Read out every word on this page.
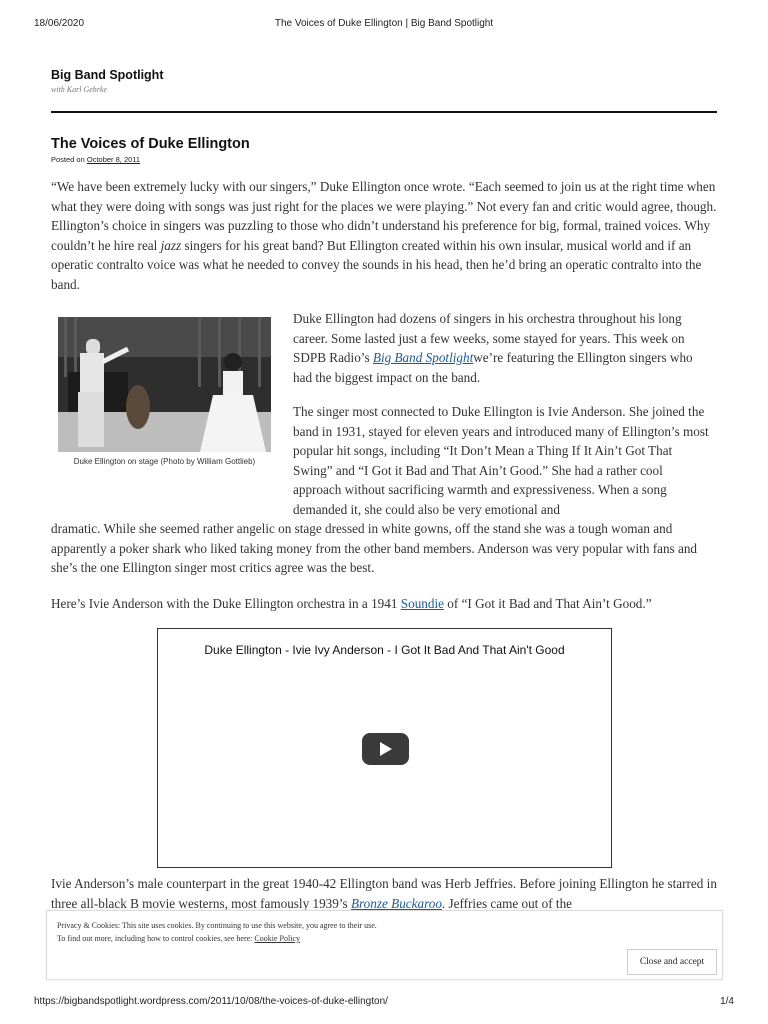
18/06/2020	The Voices of Duke Ellington | Big Band Spotlight
Big Band Spotlight
with Karl Gehrke
The Voices of Duke Ellington
Posted on October 8, 2011

“We have been extremely lucky with our singers,” Duke Ellington once wrote. “Each seemed to join us at the right time when what they were doing with songs was just right for the places we were playing.” Not every fan and critic would agree, though. Ellington’s choice in singers was puzzling to those who didn’t understand his preference for big, formal, trained voices. Why couldn’t he hire real jazz singers for his great band? But Ellington created within his own insular, musical world and if an operatic contralto voice was what he needed to convey the sounds in his head, then he’d bring an operatic contralto into the band.

Duke Ellington on stage (Photo by William Gottlieb)

Duke Ellington had dozens of singers in his orchestra throughout his long career. Some lasted just a few weeks, some stayed for years. This week on SDPB Radio’s Big Band Spotlightwe’re featuring the Ellington singers who had the biggest impact on the band.

The singer most connected to Duke Ellington is Ivie Anderson. She joined the band in 1931, stayed for eleven years and introduced many of Ellington’s most popular hit songs, including “It Don’t Mean a Thing If It Ain’t Got That Swing” and “I Got it Bad and That Ain’t Good.” She had a rather cool approach without sacrificing warmth and expressiveness. When a song demanded it, she could also be very emotional and

dramatic. While she seemed rather angelic on stage dressed in white gowns, off the stand she was a tough woman and apparently a poker shark who liked taking money from the other band members. Anderson was very popular with fans and she’s the one Ellington singer most critics agree was the best.

Here’s Ivie Anderson with the Duke Ellington orchestra in a 1941 Soundie of “I Got it Bad and That Ain’t Good.”

Duke Ellington - Ivie Ivy Anderson - I Got It Bad And That Ain't Good

Ivie Anderson’s male counterpart in the great 1940-42 Ellington band was Herb Jeffries. Before joining Ellington he starred in three all-black B movie westerns, most famously 1939’s Bronze Buckaroo. Jeffries came out of the

Privacy & Cookies: This site uses cookies. By continuing to use this website, you agree to their use.
To find out more, including how to control cookies, see here: Cookie Policy
Close and accept
https://bigbandspotlight.wordpress.com/2011/10/08/the-voices-of-duke-ellington/	1/4
